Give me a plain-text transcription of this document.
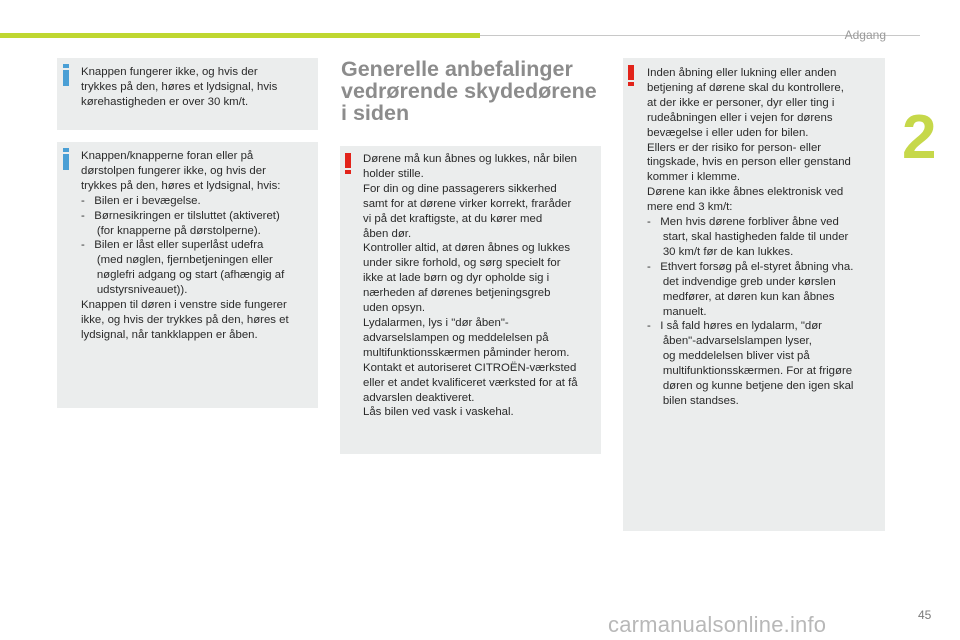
Adgang
2

Knappen fungerer ikke, og hvis der
trykkes på den, høres et lydsignal, hvis
kørehastigheden er over 30 km/t.

Knappen/knapperne foran eller på
dørstolpen fungerer ikke, og hvis der
trykkes på den, høres et lydsignal, hvis:
-   Bilen er i bevægelse.
-   Børnesikringen er tilsluttet (aktiveret)
(for knapperne på dørstolperne).
-   Bilen er låst eller superlåst udefra
(med nøglen, fjernbetjeningen eller
nøglefri adgang og start (afhængig af
udstyrsniveauet)).
Knappen til døren i venstre side fungerer
ikke, og hvis der trykkes på den, høres et
lydsignal, når tankklappen er åben.

Generelle anbefalinger
vedrørende skydedørene
i siden

Dørene må kun åbnes og lukkes, når bilen
holder stille.
For din og dine passagerers sikkerhed
samt for at dørene virker korrekt, fraråder
vi på det kraftigste, at du kører med
åben dør.
Kontroller altid, at døren åbnes og lukkes
under sikre forhold, og sørg specielt for
ikke at lade børn og dyr opholde sig i
nærheden af dørenes betjeningsgreb
uden opsyn.
Lydalarmen, lys i "dør åben"-
advarselslampen og meddelelsen på
multifunktionsskærmen påminder herom.
Kontakt et autoriseret CITROËN-værksted
eller et andet kvalificeret værksted for at få
advarslen deaktiveret.
Lås bilen ved vask i vaskehal.

Inden åbning eller lukning eller anden
betjening af dørene skal du kontrollere,
at der ikke er personer, dyr eller ting i
rudeåbningen eller i vejen for dørens
bevægelse i eller uden for bilen.
Ellers er der risiko for person- eller
tingskade, hvis en person eller genstand
kommer i klemme.
Dørene kan ikke åbnes elektronisk ved
mere end 3 km/t:
-   Men hvis dørene forbliver åbne ved
start, skal hastigheden falde til under
30 km/t før de kan lukkes.
-   Ethvert forsøg på el-styret åbning vha.
det indvendige greb under kørslen
medfører, at døren kun kan åbnes
manuelt.
-   I så fald høres en lydalarm, "dør
åben"-advarselslampen lyser,
og meddelelsen bliver vist på
multifunktionsskærmen. For at frigøre
døren og kunne betjene den igen skal
bilen standses.

carmanualsonline.info	45
